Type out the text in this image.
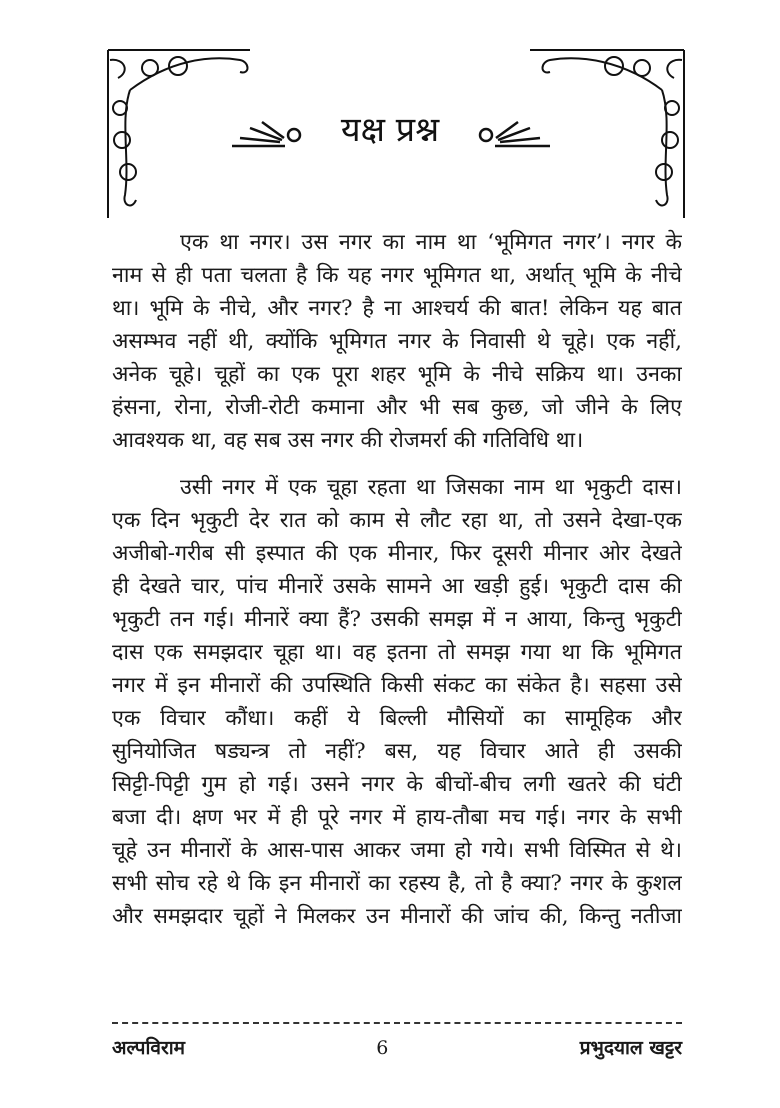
यक्ष प्रश्न
एक था नगर। उस नगर का नाम था ‘भूमिगत नगर’। नगर के
नाम से ही पता चलता है कि यह नगर भूमिगत था, अर्थात् भूमि के नीचे
था। भूमि के नीचे, और नगर? है ना आश्चर्य की बात! लेकिन यह बात
असम्भव नहीं थी, क्योंकि भूमिगत नगर के निवासी थे चूहे। एक नहीं,
अनेक चूहे। चूहों का एक पूरा शहर भूमि के नीचे सक्रिय था। उनका
हंसना, रोना, रोजी-रोटी कमाना और भी सब कुछ, जो जीने के लिए
आवश्यक था, वह सब उस नगर की रोजमर्रा की गतिविधि था।
उसी नगर में एक चूहा रहता था जिसका नाम था भृकुटी दास।
एक दिन भृकुटी देर रात को काम से लौट रहा था, तो उसने देखा-एक
अजीबो-गरीब सी इस्पात की एक मीनार, फिर दूसरी मीनार ओर देखते
ही देखते चार, पांच मीनारें उसके सामने आ खड़ी हुई। भृकुटी दास की
भृकुटी तन गई। मीनारें क्या हैं? उसकी समझ में न आया, किन्तु भृकुटी
दास एक समझदार चूहा था। वह इतना तो समझ गया था कि भूमिगत
नगर में इन मीनारों की उपस्थिति किसी संकट का संकेत है। सहसा उसे
एक विचार कौंधा। कहीं ये बिल्ली मौसियों का सामूहिक और
सुनियोजित षड्यन्त्र तो नहीं? बस, यह विचार आते ही उसकी
सिट्टी-पिट्टी गुम हो गई। उसने नगर के बीचों-बीच लगी खतरे की घंटी
बजा दी। क्षण भर में ही पूरे नगर में हाय-तौबा मच गई। नगर के सभी
चूहे उन मीनारों के आस-पास आकर जमा हो गये। सभी विस्मित से थे।
सभी सोच रहे थे कि इन मीनारों का रहस्य है, तो है क्या? नगर के कुशल
और समझदार चूहों ने मिलकर उन मीनारों की जांच की, किन्तु नतीजा
अल्पविराम	6	प्रभुदयाल खट्टर
